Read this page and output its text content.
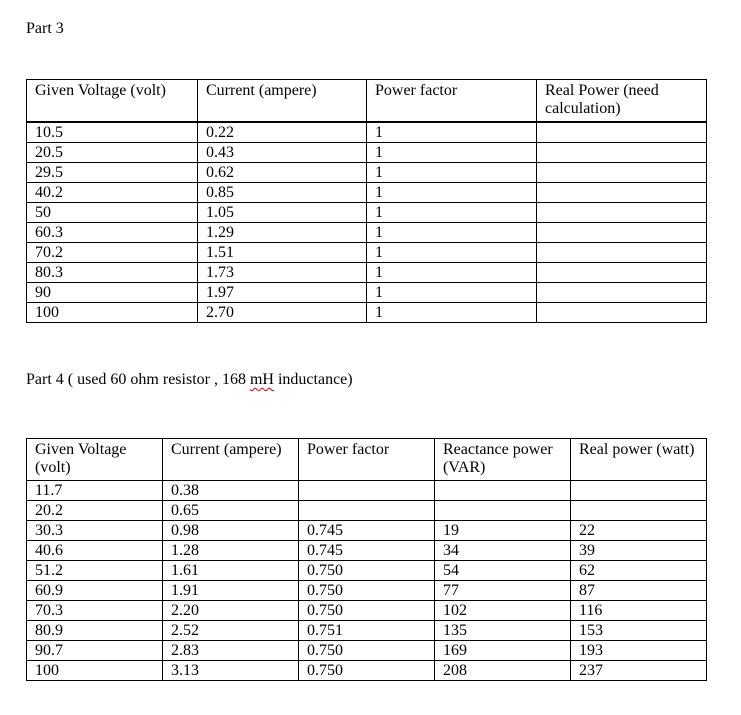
Part 3
Given Voltage (volt)	Current (ampere)	Power factor	Real Power (need calculation)

10.5	0.22	1	
20.5	0.43	1	
29.5	0.62	1	
40.2	0.85	1	
50	1.05	1	
60.3	1.29	1	
70.2	1.51	1	
80.3	1.73	1	
90	1.97	1	
100	2.70	1	
Part 4 ( used 60 ohm resistor , 168 mH inductance)
Given Voltage (volt)	Current (ampere)	Power factor	Reactance power (VAR)	Real power (watt)
11.7	0.38			
20.2	0.65			
30.3	0.98	0.745	19	22
40.6	1.28	0.745	34	39
51.2	1.61	0.750	54	62
60.9	1.91	0.750	77	87
70.3	2.20	0.750	102	116
80.9	2.52	0.751	135	153
90.7	2.83	0.750	169	193
100	3.13	0.750	208	237
